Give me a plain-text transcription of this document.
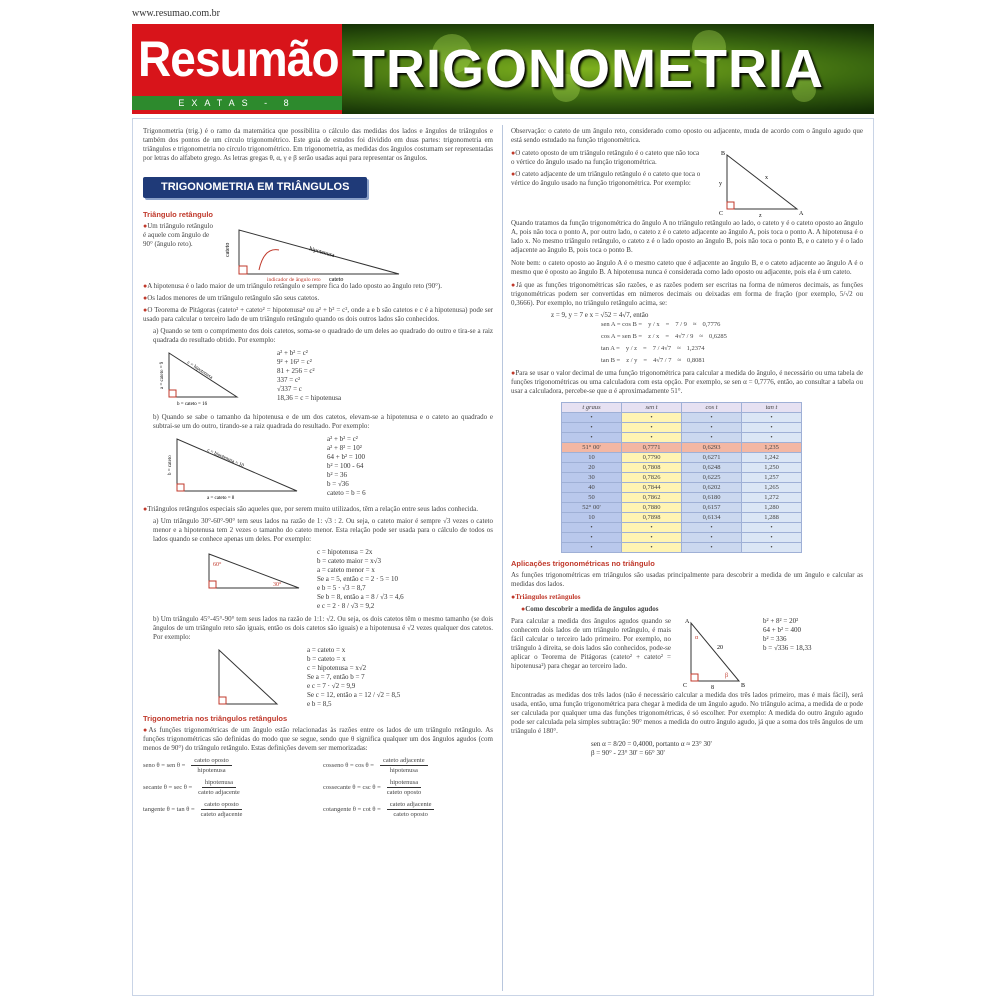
www.resumao.com.br
Resumão
EXATAS - 8
TRIGONOMETRIA

Trigonometria (trig.) é o ramo da matemática que possibilita o cálculo das medidas dos lados e ângulos de triângulos e também dos pontos de um círculo trigonométrico. Este guia de estudos foi dividido em duas partes: trigonometria em triângulos e trigonometria no círculo trigonométrico. Em trigonometria, as medidas dos ângulos costumam ser representadas por letras do alfabeto grego. As letras gregas θ, α, γ e β serão usadas aqui para representar os ângulos.

TRIGONOMETRIA EM TRIÂNGULOS
Triângulo retângulo

● Um triângulo retângulo é aquele com ângulo de 90° (ângulo reto).	cateto	hipotenusa
cateto
indicador de ângulo reto

● A hipotenusa é o lado maior de um triângulo retângulo e sempre fica do lado oposto ao ângulo reto (90°).

● Os lados menores de um triângulo retângulo são seus catetos.

● O Teorema de Pitágoras (cateto² + cateto² = hipotenusa² ou a² + b² = c², onde a e b são catetos e c é a hipotenusa) pode ser usado para calcular o terceiro lado de um triângulo retângulo quando os dois outros lados são conhecidos.

a) Quando se tem o comprimento dos dois catetos, soma-se o quadrado de um deles ao quadrado do outro e tira-se a raiz quadrada do resultado obtido. Por exemplo:

a = cateto = 9
b = cateto = 16
c = hipotenusa
a² + b² = c²
9² + 16² = c²
81 + 256 = c²
337 = c²
√337 = c
18,36 = c = hipotenusa

b) Quando se sabe o tamanho da hipotenusa e de um dos catetos, elevam-se a hipotenusa e o cateto ao quadrado e subtrai-se um do outro, tirando-se a raiz quadrada do resultado. Por exemplo:

b = cateto
a = cateto = 8
c = hipotenusa = 10
a² + b² = c²
a² + 8² = 10²
64 + b² = 100
b² = 100 - 64
b² = 36
b = √36
cateto = b = 6

● Triângulos retângulos especiais são aqueles que, por serem muito utilizados, têm a relação entre seus lados conhecida.

a) Um triângulo 30°-60°-90° tem seus lados na razão de 1: √3 : 2. Ou seja, o cateto maior é sempre √3 vezes o cateto menor e a hipotenusa tem 2 vezes o tamanho do cateto menor. Esta relação pode ser usada para o cálculo de todos os lados quando se conhece apenas um deles. Por exemplo:

60°
30°
c = hipotenusa = 2x
b = cateto maior = x√3
a = cateto menor = x
Se a = 5, então c = 2 · 5 = 10
e b = 5 · √3 = 8,7
Se b = 8, então a = 8 / √3 = 4,6
e c = 2 · 8 / √3 = 9,2

b) Um triângulo 45°-45°-90° tem seus lados na razão de 1:1: √2. Ou seja, os dois catetos têm o mesmo tamanho (se dois ângulos de um triângulo reto são iguais, então os dois catetos são iguais) e a hipotenusa é √2 vezes qualquer dos catetos. Por exemplo:

a = cateto = x
b = cateto = x
c = hipotenusa = x√2
Se a = 7, então b = 7
e c = 7 · √2 = 9,9
Se c = 12, então a = 12 / √2 = 8,5
e b = 8,5
Trigonometria nos triângulos retângulos

● As funções trigonométricas de um ângulo estão relacionadas às razões entre os lados de um triângulo retângulo. As funções trigonométricas são definidas do modo que se segue, sendo que θ significa qualquer um dos ângulos agudos (com menos de 90°) do triângulo retângulo. Estas definições devem ser memorizadas:

seno θ = sen $\theta = \frac{\text{cateto oposto}}{\text{hipotenusa}}$	cosseno $\theta = \cos \theta = \frac{\text{cateto adjacente}}{\text{hipotenusa}}$
secante $\theta = \sec \theta = \frac{\text{hipotenusa}}{\text{cateto adjacente}}$	cossecante $\theta = \csc \theta = \frac{\text{hipotenusa}}{\text{cateto oposto}}$
tangente $\theta = \tan \theta = \frac{\text{cateto oposto}}{\text{cateto adjacente}}$	cotangente $\theta = \cot \theta = \frac{\text{cateto adjacente}}{\text{cateto oposto}}$

Observação: o cateto de um ângulo reto, considerado como oposto ou adjacente, muda de acordo com o ângulo agudo que está sendo estudado na função trigonométrica.

● O cateto oposto de um triângulo retângulo é o cateto que não toca o vértice do ângulo usado na função trigonométrica.

● O cateto adjacente de um triângulo retângulo é o cateto que toca o vértice do ângulo usado na função trigonométrica. Por exemplo:

B
C	A
x
y
z

Quando tratamos da função trigonométrica do ângulo A no triângulo retângulo ao lado, o cateto y é o cateto oposto ao ângulo A, pois não toca o ponto A, por outro lado, o cateto z é o cateto adjacente ao ângulo A, pois toca o ponto A. A hipotenusa é o lado x. No mesmo triângulo retângulo, o cateto z é o lado oposto ao ângulo B, pois não toca o ponto B, e o cateto y é o lado adjacente ao ângulo B, pois toca o ponto B.

Note bem: o cateto oposto ao ângulo A é o mesmo cateto que é adjacente ao ângulo B, e o cateto adjacente ao ângulo A é o mesmo que é oposto ao ângulo B. A hipotenusa nunca é considerada como lado oposto ou adjacente, pois ela é um cateto.

● Já que as funções trigonométricas são razões, e as razões podem ser escritas na forma de números decimais, as funções trigonométricas podem ser convertidas em números decimais ou deixadas em forma de fração (por exemplo, 5/√2 ou 0,3666). Por exemplo, no triângulo retângulo acima, se:

z = 9, y = 7 e x = √52 = 4√7, então
sen A = cos B = y / x = 7 / 9 ≈ 0,7776
cos A = sen B = z / x = 4√7 / 9 ≈ 0,6285
tan A = y / z = 7 / 4√7 ≈ 1,2374
tan B = z / y = 4√7 / 7 ≈ 0,8081

● Para se usar o valor decimal de uma função trigonométrica para calcular a medida do ângulo, é necessário ou uma tabela de funções trigonométricas ou uma calculadora com esta opção. Por exemplo, se sen α = 0,7776, então, ao consultar a tabela ou usar a calculadora, percebe-se que α é aproximadamente 51°.

t graus	sen t	cos t	tan t
•	•	•	•
•	•	•	•
•	•	•	•
51° 00'	0,7771	0,6293	1,235
10	0,7790	0,6271	1,242
20	0,7808	0,6248	1,250
30	0,7826	0,6225	1,257
40	0,7844	0,6202	1,265
50	0,7862	0,6180	1,272
52° 00'	0,7880	0,6157	1,280
10	0,7898	0,6134	1,288
•	•	•	•
•	•	•	•
•	•	•	•
Aplicações trigonométricas no triângulo

As funções trigonométricas em triângulos são usadas principalmente para descobrir a medida de um ângulo e calcular as medidas dos lados.

● Triângulos retângulos

● Como descobrir a medida de ângulos agudos

Para calcular a medida dos ângulos agudos quando se conhecem dois lados de um triângulo retângulo, é mais fácil calcular o terceiro lado primeiro. Por exemplo, no triângulo à direita, se dois lados são conhecidos, pode-se aplicar o Teorema de Pitágoras (cateto² + cateto² = hipotenusa²) para chegar ao terceiro lado.

A
C	B
20
8
α
β
b² + 8² = 20²
64 + b² = 400
b² = 336
b = √336 = 18,33

Encontradas as medidas dos três lados (não é necessário calcular a medida dos três lados primeiro, mas é mais fácil), será usada, então, uma função trigonométrica para chegar à medida de um ângulo agudo. No triângulo acima, a medida de α pode ser calculada por qualquer uma das funções trigonométricas, é só escolher. Por exemplo: A medida do outro ângulo agudo pode ser calculada pela simples subtração: 90° menos a medida do outro ângulo agudo, já que a soma dos três ângulos de um triângulo é 180°.

sen α = 8/20 = 0,4000, portanto α ≈ 23° 30'
β = 90° - 23° 30' = 66° 30'
